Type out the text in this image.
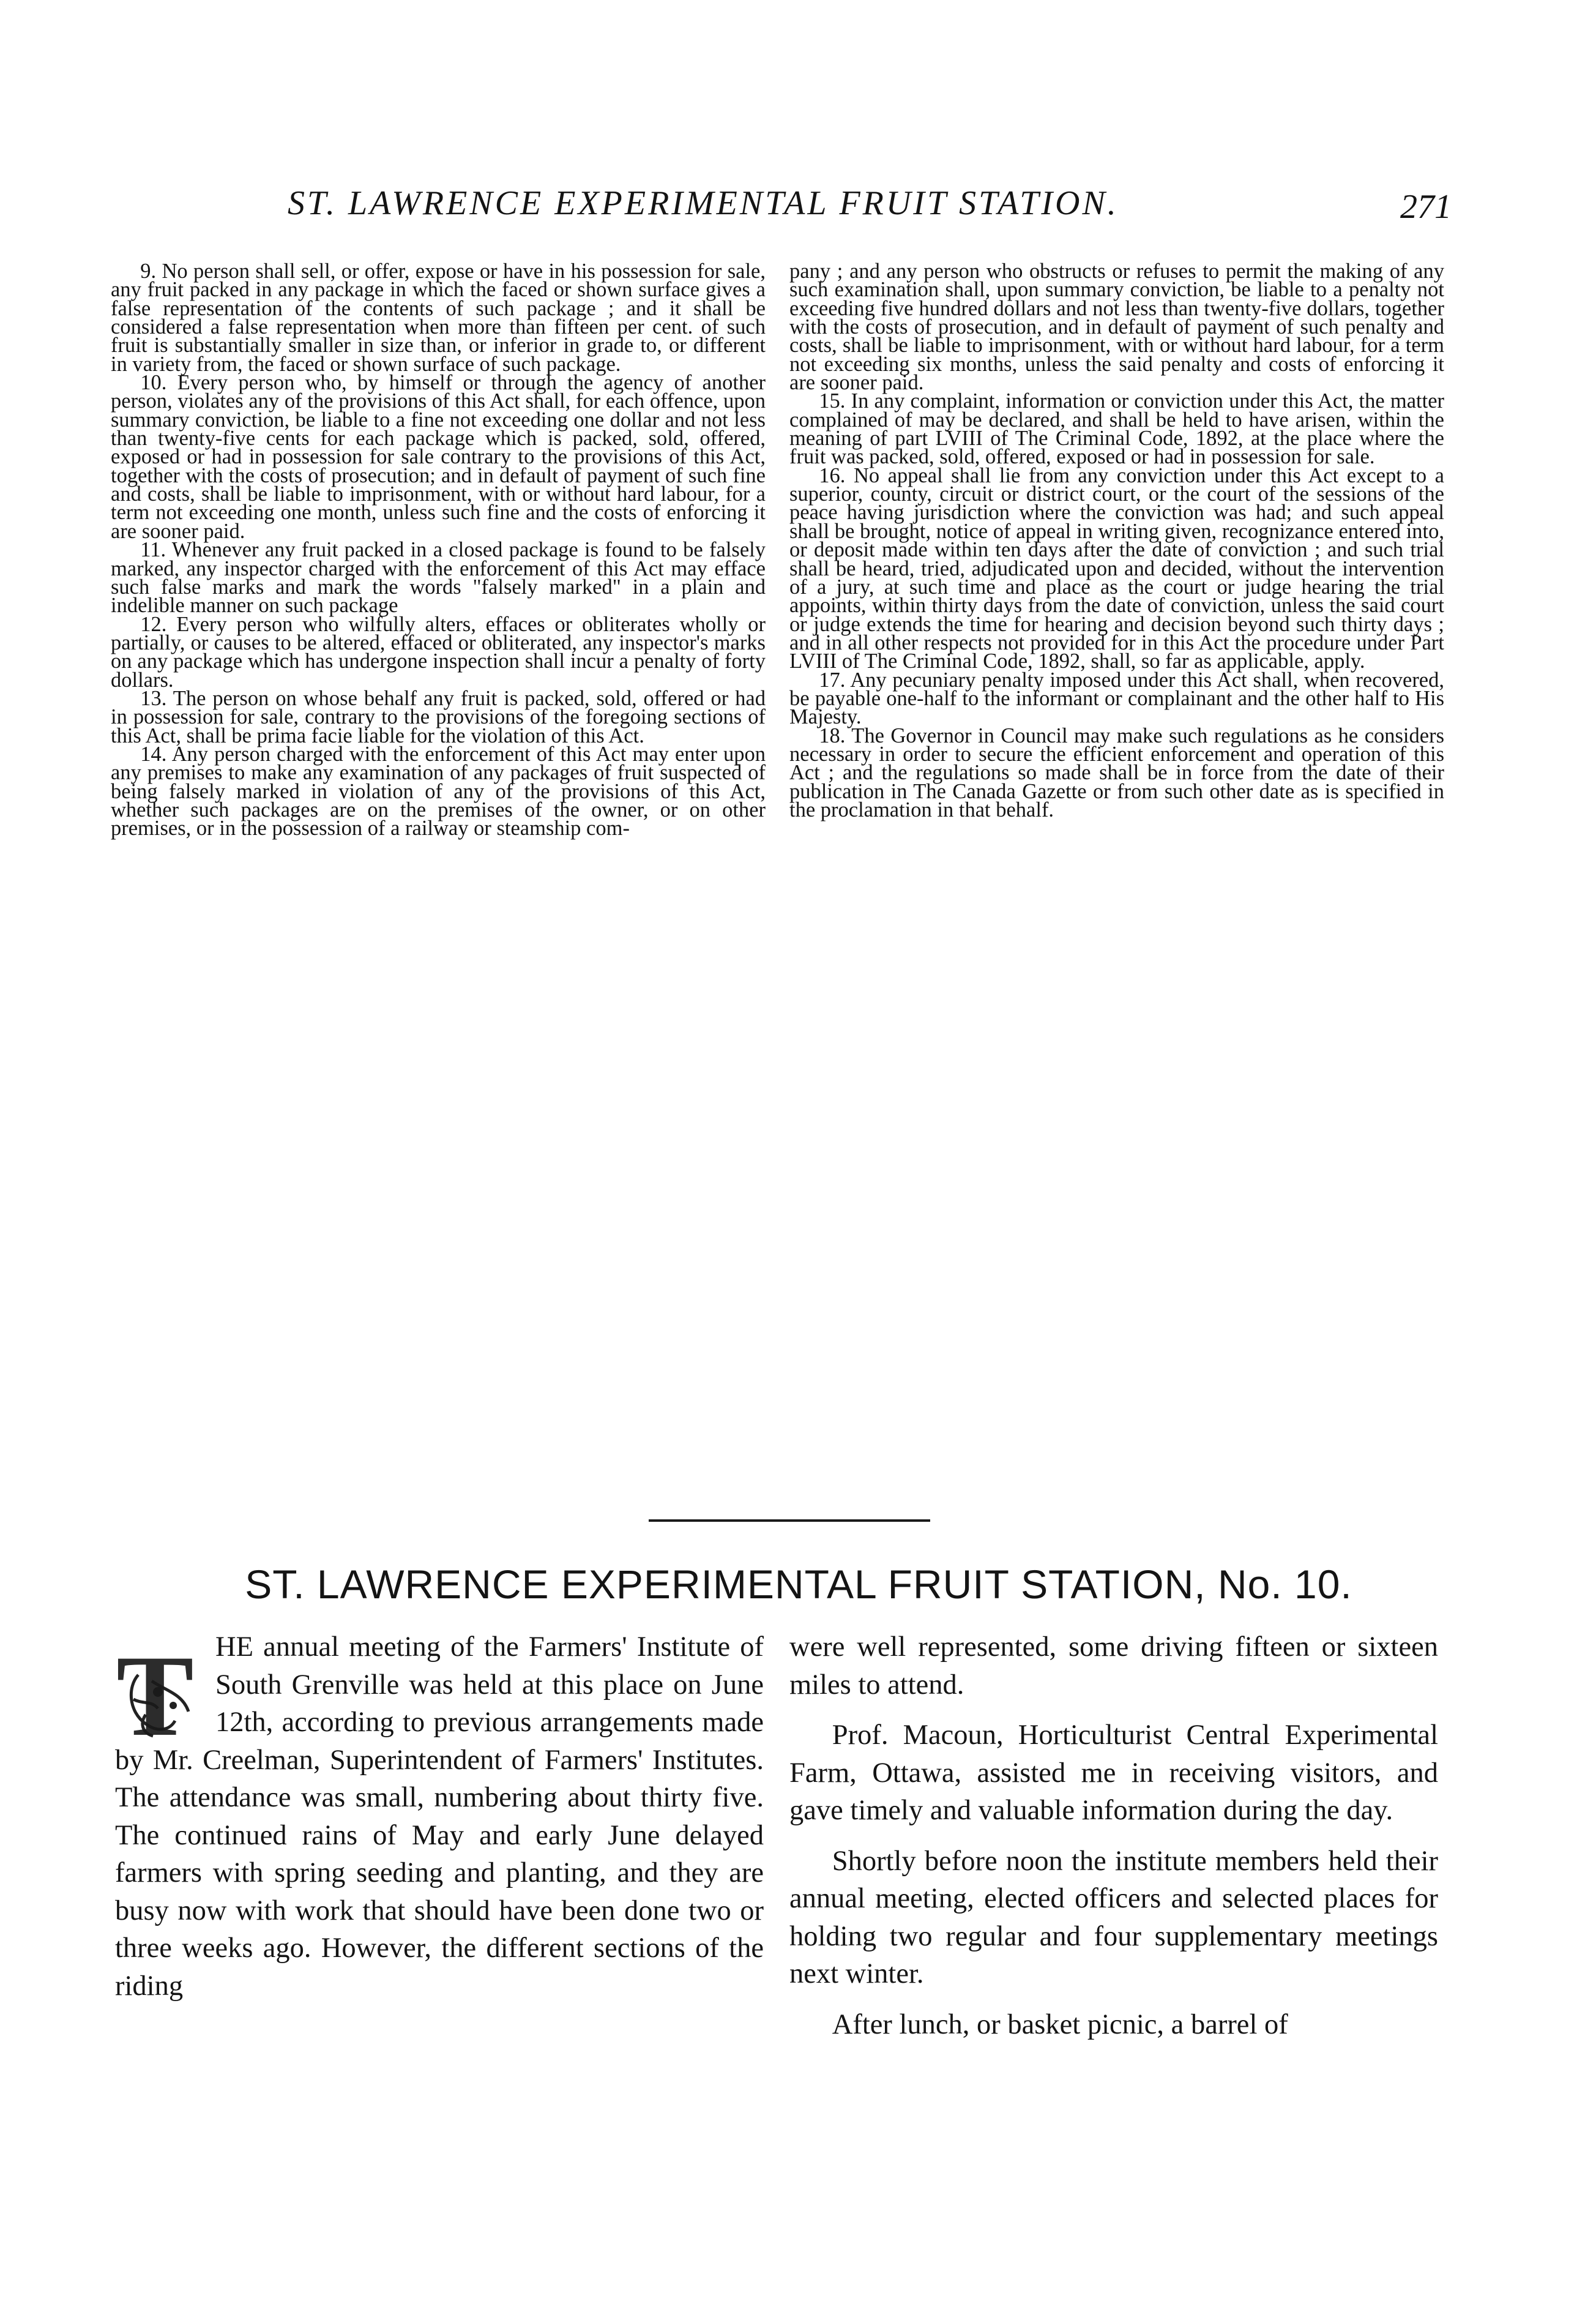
ST. LAWRENCE EXPERIMENTAL FRUIT STATION.	271

9. No person shall sell, or offer, expose or have in his possession for sale, any fruit packed in any package in which the faced or shown surface gives a false representation of the contents of such package ; and it shall be considered a false representation when more than fifteen per cent. of such fruit is substantially smaller in size than, or inferior in grade to, or different in variety from, the faced or shown surface of such package.

10. Every person who, by himself or through the agency of another person, violates any of the provisions of this Act shall, for each offence, upon summary conviction, be liable to a fine not exceeding one dollar and not less than twenty-five cents for each package which is packed, sold, offered, exposed or had in possession for sale contrary to the provisions of this Act, together with the costs of prosecution; and in default of payment of such fine and costs, shall be liable to imprisonment, with or without hard labour, for a term not exceeding one month, unless such fine and the costs of enforcing it are sooner paid.

11. Whenever any fruit packed in a closed package is found to be falsely marked, any inspector charged with the enforcement of this Act may efface such false marks and mark the words "falsely marked" in a plain and indelible manner on such package

12. Every person who wilfully alters, effaces or obliterates wholly or partially, or causes to be altered, effaced or obliterated, any inspector's marks on any package which has undergone inspection shall incur a penalty of forty dollars.

13. The person on whose behalf any fruit is packed, sold, offered or had in possession for sale, contrary to the provisions of the foregoing sections of this Act, shall be prima facie liable for the violation of this Act.

14. Any person charged with the enforcement of this Act may enter upon any premises to make any examination of any packages of fruit suspected of being falsely marked in violation of any of the provisions of this Act, whether such packages are on the premises of the owner, or on other premises, or in the possession of a railway or steamship com-

pany ; and any person who obstructs or refuses to permit the making of any such examination shall, upon summary conviction, be liable to a penalty not exceeding five hundred dollars and not less than twenty-five dollars, together with the costs of prosecution, and in default of payment of such penalty and costs, shall be liable to imprisonment, with or without hard labour, for a term not exceeding six months, unless the said penalty and costs of enforcing it are sooner paid.

15. In any complaint, information or conviction under this Act, the matter complained of may be declared, and shall be held to have arisen, within the meaning of part LVIII of The Criminal Code, 1892, at the place where the fruit was packed, sold, offered, exposed or had in possession for sale.

16. No appeal shall lie from any conviction under this Act except to a superior, county, circuit or district court, or the court of the sessions of the peace having jurisdiction where the conviction was had; and such appeal shall be brought, notice of appeal in writing given, recognizance entered into, or deposit made within ten days after the date of conviction ; and such trial shall be heard, tried, adjudicated upon and decided, without the intervention of a jury, at such time and place as the court or judge hearing the trial appoints, within thirty days from the date of conviction, unless the said court or judge extends the time for hearing and decision beyond such thirty days ; and in all other respects not provided for in this Act the procedure under Part LVIII of The Criminal Code, 1892, shall, so far as applicable, apply.

17. Any pecuniary penalty imposed under this Act shall, when recovered, be payable one-half to the informant or complainant and the other half to His Majesty.

18. The Governor in Council may make such regulations as he considers necessary in order to secure the efficient enforcement and operation of this Act ; and the regulations so made shall be in force from the date of their publication in The Canada Gazette or from such other date as is specified in the proclamation in that behalf.

ST. LAWRENCE EXPERIMENTAL FRUIT STATION, No. 10.

T HE annual meeting of the Farmers' Institute of South Grenville was held at this place on June 12th, according to previous arrangements made by Mr. Creelman, Superintendent of Farmers' Institutes. The attendance was small, numbering about thirty five. The continued rains of May and early June delayed farmers with spring seeding and planting, and they are busy now with work that should have been done two or three weeks ago. However, the different sections of the riding

were well represented, some driving fifteen or sixteen miles to attend.

Prof. Macoun, Horticulturist Central Experimental Farm, Ottawa, assisted me in receiving visitors, and gave timely and valuable information during the day.

Shortly before noon the institute members held their annual meeting, elected officers and selected places for holding two regular and four supplementary meetings next winter.

After lunch, or basket picnic, a barrel of
